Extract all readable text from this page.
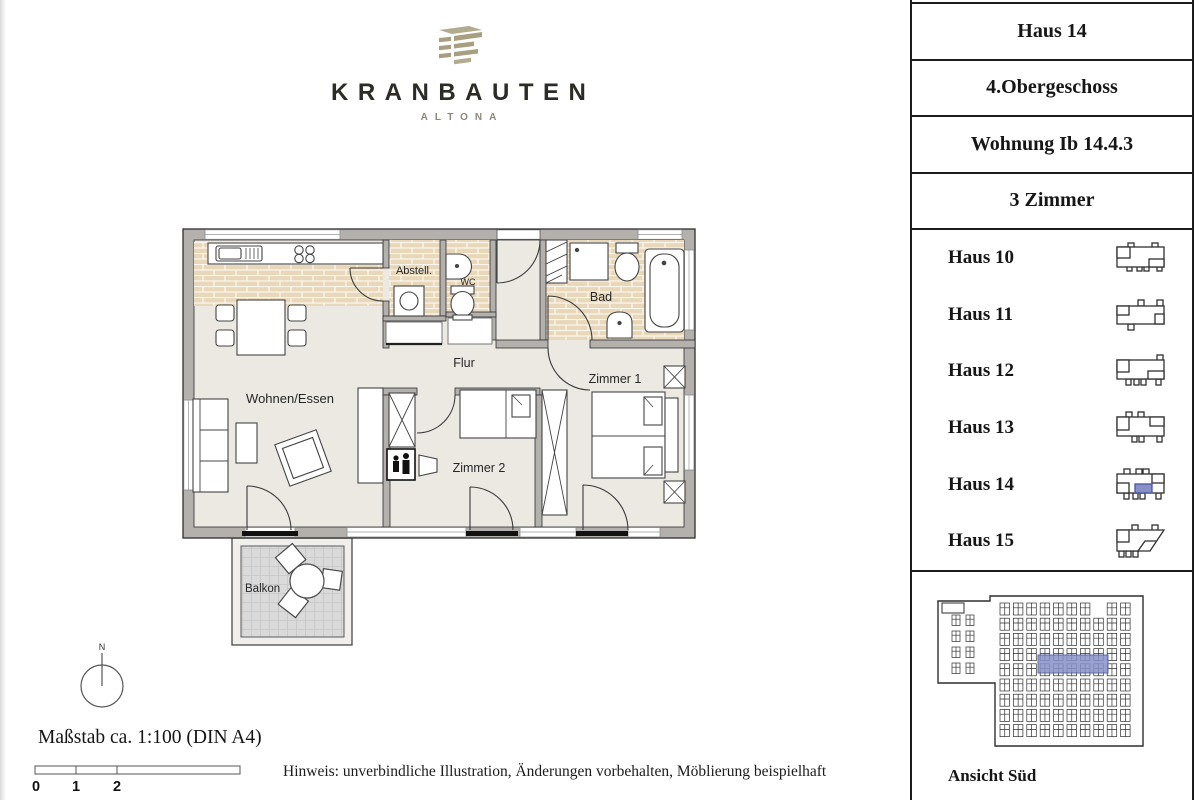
KRANBAUTEN
ALTONA
Wohnen/Essen
Abstell.
WC
Bad
Flur
Zimmer 1
Zimmer 2
Balkon
N
Maßstab ca. 1:100 (DIN A4)
0 1 2
Hinweis: unverbindliche Illustration, Änderungen vorbehalten, Möblierung beispielhaft
Haus 14
4.Obergeschoss
Wohnung Ib 14.4.3
3 Zimmer
Haus 10
Haus 11
Haus 12
Haus 13
Haus 14
Haus 15
Ansicht Süd
